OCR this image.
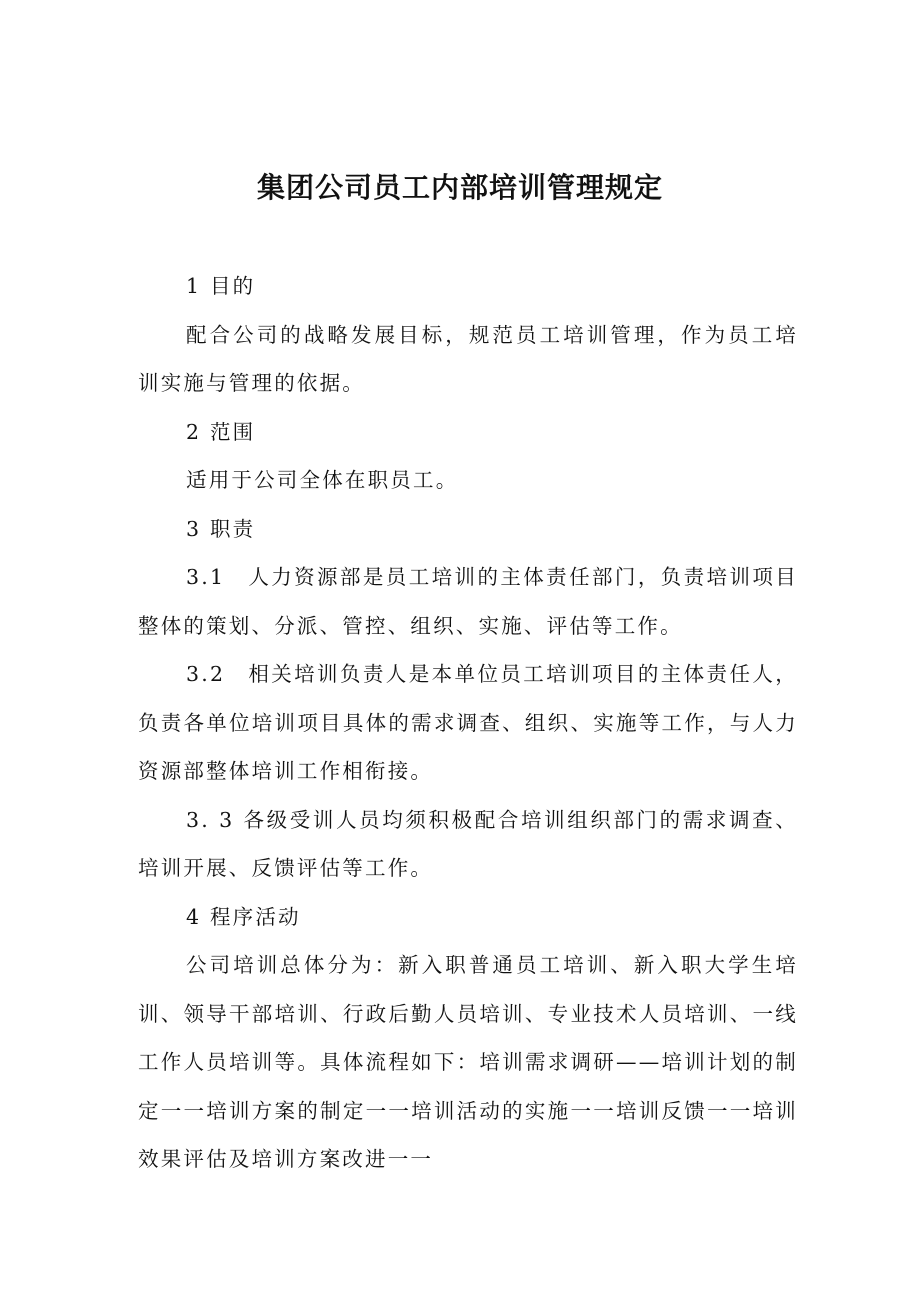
集团公司员工内部培训管理规定

1 目的

配合公司的战略发展目标，规范员工培训管理，作为员工培训实施与管理的依据。

2 范围

适用于公司全体在职员工。

3 职责

3.1　人力资源部是员工培训的主体责任部门，负责培训项目整体的策划、分派、管控、组织、实施、评估等工作。

3.2　相关培训负责人是本单位员工培训项目的主体责任人，负责各单位培训项目具体的需求调查、组织、实施等工作，与人力资源部整体培训工作相衔接。

3. 3 各级受训人员均须积极配合培训组织部门的需求调查、培训开展、反馈评估等工作。

4 程序活动

公司培训总体分为：新入职普通员工培训、新入职大学生培训、领导干部培训、行政后勤人员培训、专业技术人员培训、一线工作人员培训等。具体流程如下：培训需求调研——培训计划的制定一一培训方案的制定一一培训活动的实施一一培训反馈一一培训效果评估及培训方案改进一一
